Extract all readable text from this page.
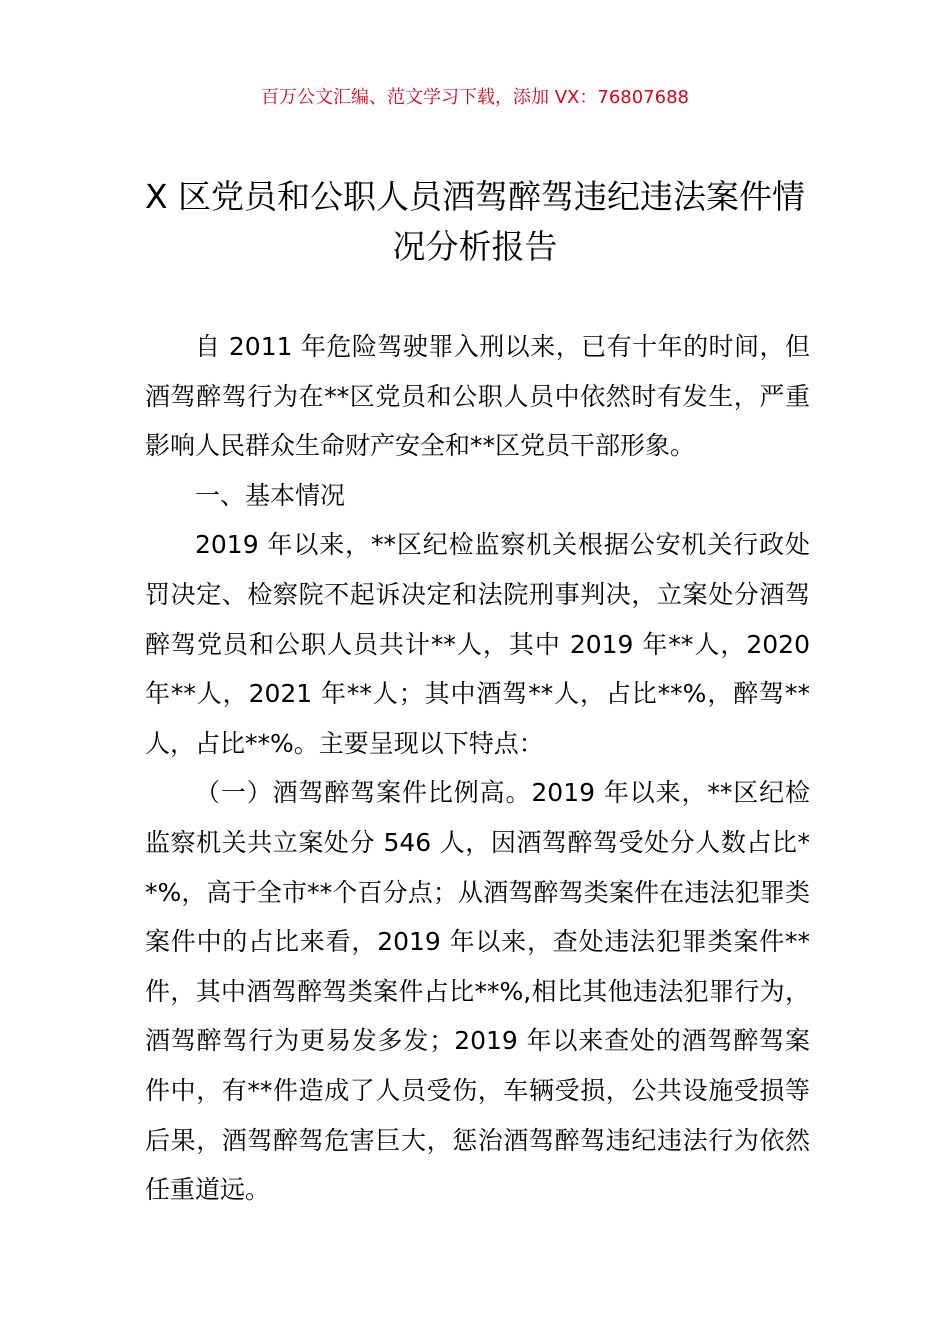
百万公文汇编、范文学习下载，添加 VX：76807688
X 区党员和公职人员酒驾醉驾违纪违法案件情况分析报告

自 2011 年危险驾驶罪入刑以来，已有十年的时间，但酒驾醉驾行为在**区党员和公职人员中依然时有发生，严重影响人民群众生命财产安全和**区党员干部形象。

一、基本情况

2019 年以来，**区纪检监察机关根据公安机关行政处罚决定、检察院不起诉决定和法院刑事判决，立案处分酒驾醉驾党员和公职人员共计**人，其中 2019 年**人，2020 年**人，2021 年**人；其中酒驾**人，占比**%，醉驾**人，占比**%。主要呈现以下特点：

（一）酒驾醉驾案件比例高。2019 年以来，**区纪检监察机关共立案处分 546 人，因酒驾醉驾受处分人数占比**%，高于全市**个百分点；从酒驾醉驾类案件在违法犯罪类案件中的占比来看，2019 年以来，查处违法犯罪类案件**件，其中酒驾醉驾类案件占比**%,相比其他违法犯罪行为，酒驾醉驾行为更易发多发；2019 年以来查处的酒驾醉驾案件中，有**件造成了人员受伤，车辆受损，公共设施受损等后果，酒驾醉驾危害巨大，惩治酒驾醉驾违纪违法行为依然任重道远。
